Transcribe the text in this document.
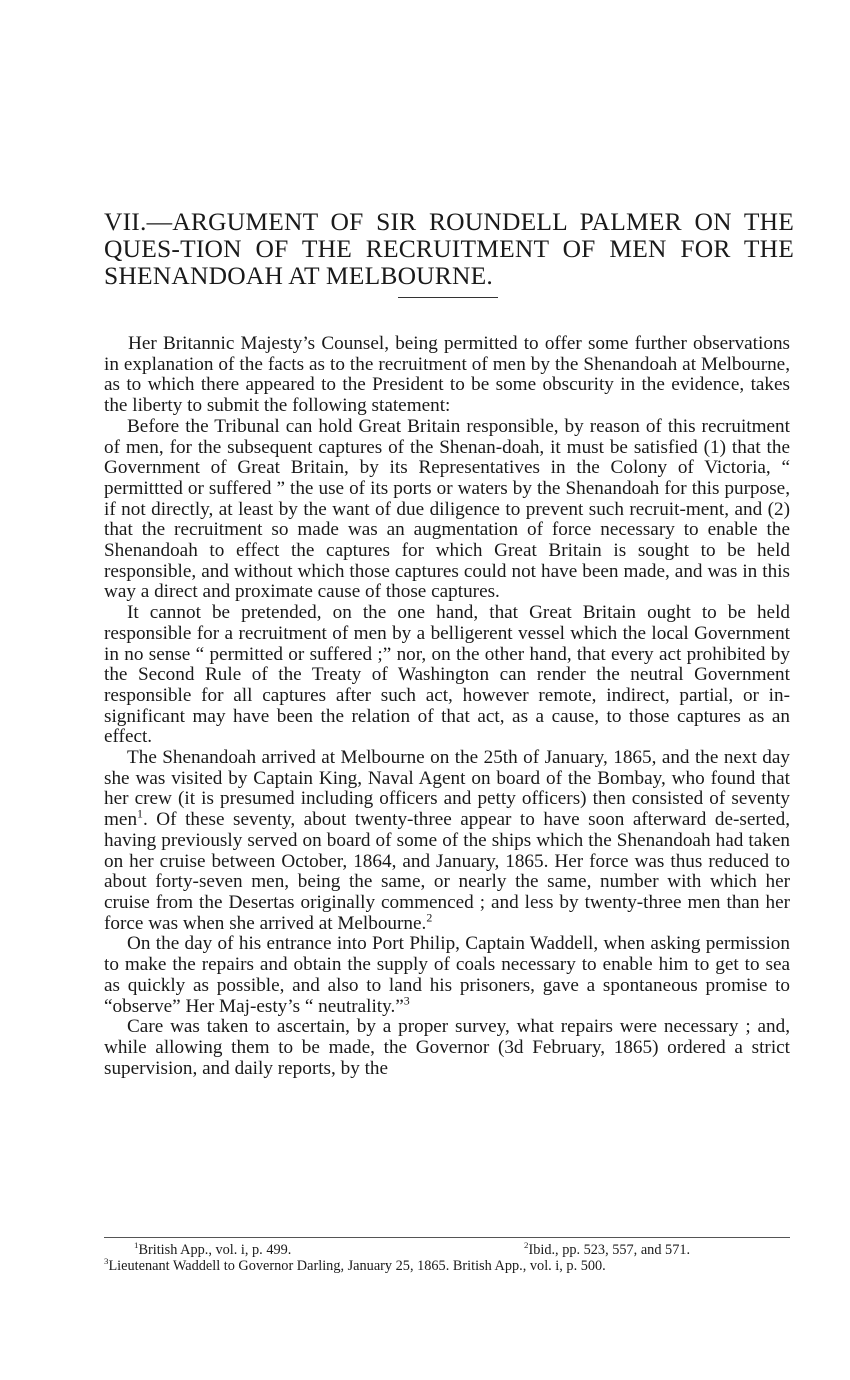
VII.—ARGUMENT OF SIR ROUNDELL PALMER ON THE QUES-TION OF THE RECRUITMENT OF MEN FOR THE SHENANDOAH AT MELBOURNE.

Her Britannic Majesty’s Counsel, being permitted to offer some further observations in explanation of the facts as to the recruitment of men by the Shenandoah at Melbourne, as to which there appeared to the President to be some obscurity in the evidence, takes the liberty to submit the following statement:

Before the Tribunal can hold Great Britain responsible, by reason of this recruitment of men, for the subsequent captures of the Shenan-doah, it must be satisfied (1) that the Government of Great Britain, by its Representatives in the Colony of Victoria, “ permittted or suffered ” the use of its ports or waters by the Shenandoah for this purpose, if not directly, at least by the want of due diligence to prevent such recruit-ment, and (2) that the recruitment so made was an augmentation of force necessary to enable the Shenandoah to effect the captures for which Great Britain is sought to be held responsible, and without which those captures could not have been made, and was in this way a direct and proximate cause of those captures.

It cannot be pretended, on the one hand, that Great Britain ought to be held responsible for a recruitment of men by a belligerent vessel which the local Government in no sense “ permitted or suffered ;” nor, on the other hand, that every act prohibited by the Second Rule of the Treaty of Washington can render the neutral Government responsible for all captures after such act, however remote, indirect, partial, or in-significant may have been the relation of that act, as a cause, to those captures as an effect.

The Shenandoah arrived at Melbourne on the 25th of January, 1865, and the next day she was visited by Captain King, Naval Agent on board of the Bombay, who found that her crew (it is presumed including officers and petty officers) then consisted of seventy men$^1$. Of these seventy, about twenty-three appear to have soon afterward de-serted, having previously served on board of some of the ships which the Shenandoah had taken on her cruise between October, 1864, and January, 1865. Her force was thus reduced to about forty-seven men, being the same, or nearly the same, number with which her cruise from the Desertas originally commenced ; and less by twenty-three men than her force was when she arrived at Melbourne.$^2$

On the day of his entrance into Port Philip, Captain Waddell, when asking permission to make the repairs and obtain the supply of coals necessary to enable him to get to sea as quickly as possible, and also to land his prisoners, gave a spontaneous promise to “observe” Her Maj-esty’s “ neutrality.”$^3$

Care was taken to ascertain, by a proper survey, what repairs were necessary ; and, while allowing them to be made, the Governor (3d February, 1865) ordered a strict supervision, and daily reports, by the

$^1$British App., vol. i, p. 499.	$^2$Ibid., pp. 523, 557, and 571.
$^3$Lieutenant Waddell to Governor Darling, January 25, 1865. British App., vol. i, p. 500.
